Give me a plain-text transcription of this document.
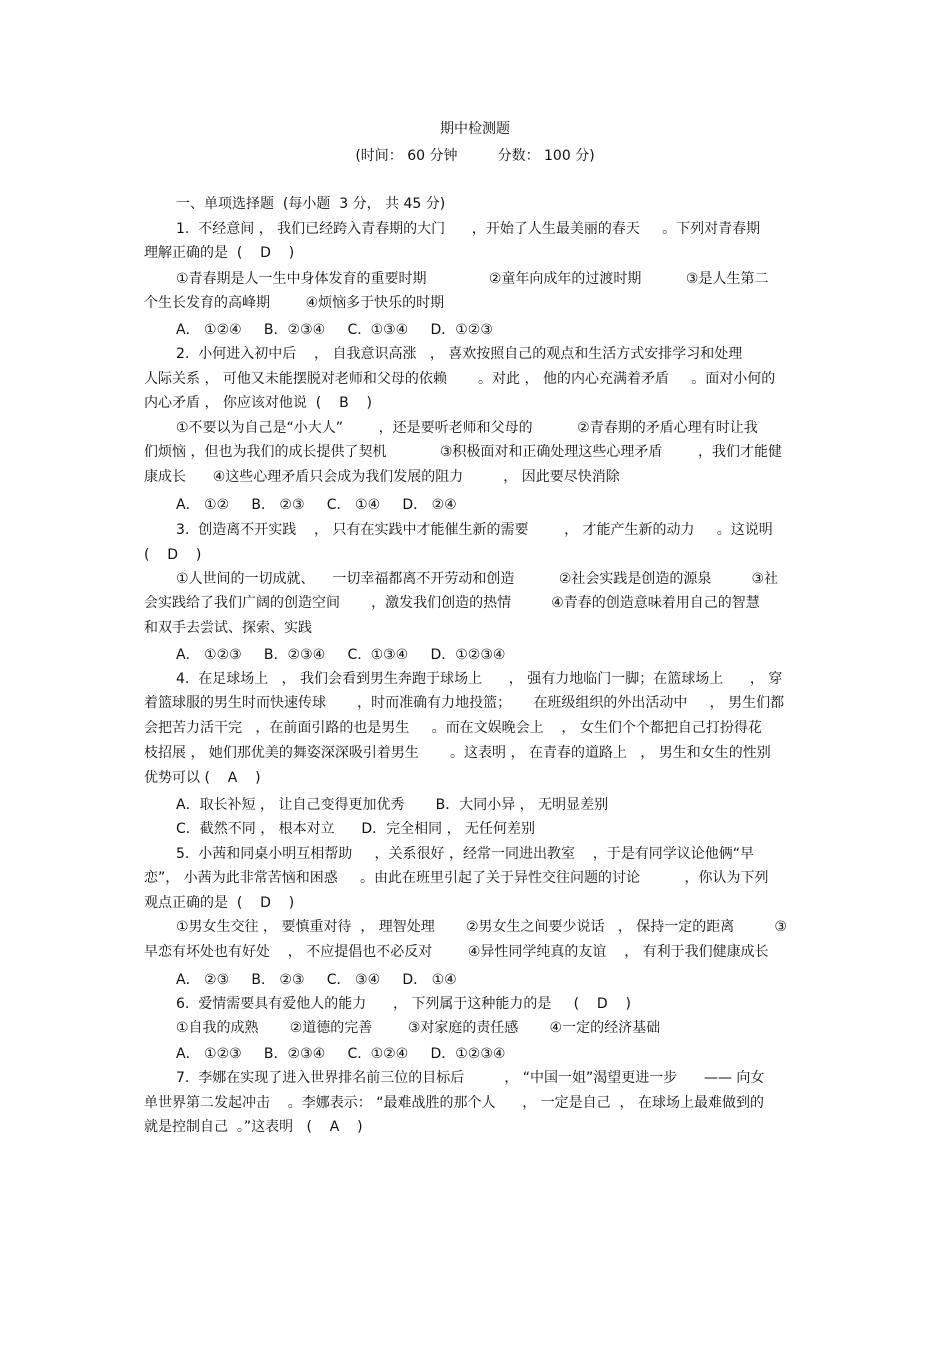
期中检测题
(时间： 60 分钟         分数： 100 分)
一、单项选择题  (每小题  3 分， 共 45 分)
1.  不经意间 ， 我们已经跨入青春期的大门      ，开始了人生最美丽的春天     。下列对青春期
理解正确的是  (    D    )
①青春期是人一生中身体发育的重要时期              ②童年向成年的过渡时期          ③是人生第二
个生长发育的高峰期        ④烦恼多于快乐的时期
A． ①②④     B．②③④     C.  ①③④     D．①②③
2.  小何进入初中后    ， 自我意识高涨   ， 喜欢按照自己的观点和生活方式安排学习和处理
人际关系 ， 可他又未能摆脱对老师和父母的依赖       。对此 ， 他的内心充满着矛盾     。面对小何的
内心矛盾 ， 你应该对他说  (    B    )
①不要以为自己是“小大人”        ，还是要听老师和父母的          ②青春期的矛盾心理有时让我
们烦恼 ，但也为我们的成长提供了契机            ③积极面对和正确处理这些心理矛盾        ，我们才能健
康成长      ④这些心理矛盾只会成为我们发展的阻力         ， 因此要尽快消除
A． ①②     B． ②③     C． ①④     D． ②④
3.  创造离不开实践    ， 只有在实践中才能催生新的需要        ， 才能产生新的动力     。这说明
(    D    )
①人世间的一切成就、    一切幸福都离不开劳动和创造          ②社会实践是创造的源泉         ③社
会实践给了我们广阔的创造空间       ，激发我们创造的热情         ④青春的创造意味着用自己的智慧
和双手去尝试、探索、实践
A． ①②③     B．②③④     C.  ①③④     D．①②③④
4.  在足球场上   ， 我们会看到男生奔跑于球场上      ， 强有力地临门一脚；在篮球场上      ， 穿
着篮球服的男生时而快速传球       ，时而准确有力地投篮；     在班级组织的外出活动中     ， 男生们都
会把苦力活干完   ，在前面引路的也是男生     。而在文娱晚会上    ， 女生们个个都把自己打扮得花
枝招展 ， 她们那优美的舞姿深深吸引着男生       。这表明 ， 在青春的道路上   ， 男生和女生的性别
优势可以 (    A    )
A．取长补短 ， 让自己变得更加优秀       B．大同小异 ， 无明显差别
C．截然不同 ， 根本对立      D．完全相同 ， 无任何差别
5.  小茜和同桌小明互相帮助     ，关系很好 ，经常一同进出教室    ，于是有同学议论他俩“早
恋”， 小茜为此非常苦恼和困惑     。由此在班里引起了关于异性交往问题的讨论          ，你认为下列
观点正确的是  (    D    )
①男女生交往 ， 要慎重对待  ， 理智处理       ②男女生之间要少说话   ， 保持一定的距离         ③
早恋有坏处也有好处    ， 不应提倡也不必反对        ④异性同学纯真的友谊    ， 有利于我们健康成长
A． ②③     B． ②③     C． ③④     D． ①④
6.  爱情需要具有爱他人的能力      ， 下列属于这种能力的是     (    D    )
①自我的成熟       ②道德的完善        ③对家庭的责任感       ④一定的经济基础
A． ①②③     B．②③④     C.  ①②④     D．①②③④
7.  李娜在实现了进入世界排名前三位的目标后         ， “中国一姐”渴望更进一步      —— 向女
单世界第二发起冲击    。李娜表示： “最难战胜的那个人      ， 一定是自己  ， 在球场上最难做到的
就是控制自己  。”这表明   (    A    )
